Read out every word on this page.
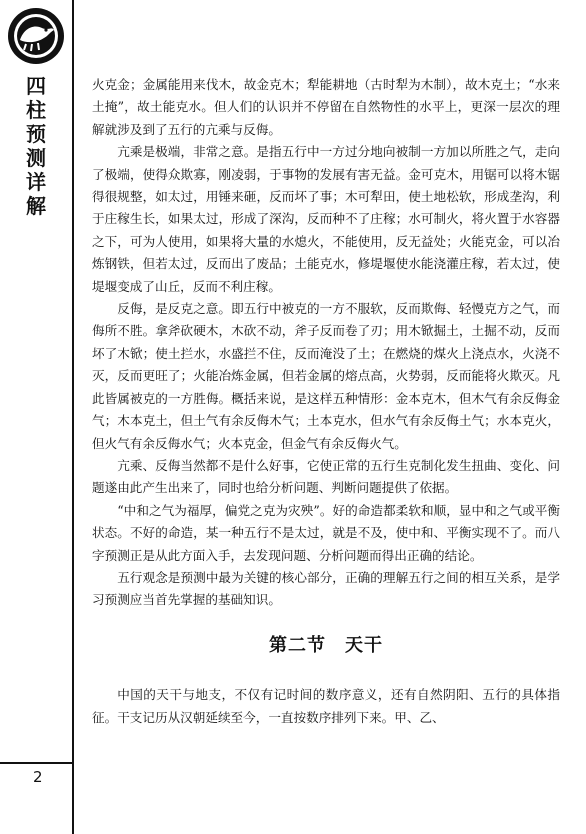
四
柱
预
测
详
解
2

火克金；金属能用来伐木，故金克木；犁能耕地（古时犁为木制），故木克土；“水来土掩”，故土能克水。但人们的认识并不停留在自然物性的水平上，更深一层次的理解就涉及到了五行的亢乘与反侮。

亢乘是极端，非常之意。是指五行中一方过分地向被制一方加以所胜之气，走向了极端，使得众欺寡，刚凌弱，于事物的发展有害无益。金可克木，用锯可以将木锯得很规整，如太过，用锤来砸，反而坏了事；木可犁田，使土地松软，形成垄沟，利于庄稼生长，如果太过，形成了深沟，反而种不了庄稼；水可制火，将火置于水容器之下，可为人使用，如果将大量的水熄火，不能使用，反无益处；火能克金，可以冶炼钢铁，但若太过，反而出了废品；土能克水，修堤堰使水能浇灌庄稼，若太过，使堤堰变成了山丘，反而不利庄稼。

反侮，是反克之意。即五行中被克的一方不服软，反而欺侮、轻慢克方之气，而侮所不胜。拿斧砍硬木，木砍不动，斧子反而卷了刃；用木锨掘土，土掘不动，反而坏了木锨；使土拦水，水盛拦不住，反而淹没了土；在燃烧的煤火上浇点水，火浇不灭，反而更旺了；火能冶炼金属，但若金属的熔点高，火势弱，反而能将火欺灭。凡此皆属被克的一方胜侮。概括来说，是这样五种情形：金本克木，但木气有余反侮金气；木本克土，但土气有余反侮木气；土本克水，但水气有余反侮土气；水本克火，但火气有余反侮水气；火本克金，但金气有余反侮火气。

亢乘、反侮当然都不是什么好事，它使正常的五行生克制化发生扭曲、变化、问题遂由此产生出来了，同时也给分析问题、判断问题提供了依据。

“中和之气为福厚，偏党之克为灾殃”。好的命造都柔软和顺，显中和之气或平衡状态。不好的命造，某一种五行不是太过，就是不及，使中和、平衡实现不了。而八字预测正是从此方面入手，去发现问题、分析问题而得出正确的结论。

五行观念是预测中最为关键的核心部分，正确的理解五行之间的相互关系，是学习预测应当首先掌握的基础知识。

第二节　天干

中国的天干与地支，不仅有记时间的数序意义，还有自然阴阳、五行的具体指征。干支记历从汉朝延续至今，一直按数序排列下来。甲、乙、
